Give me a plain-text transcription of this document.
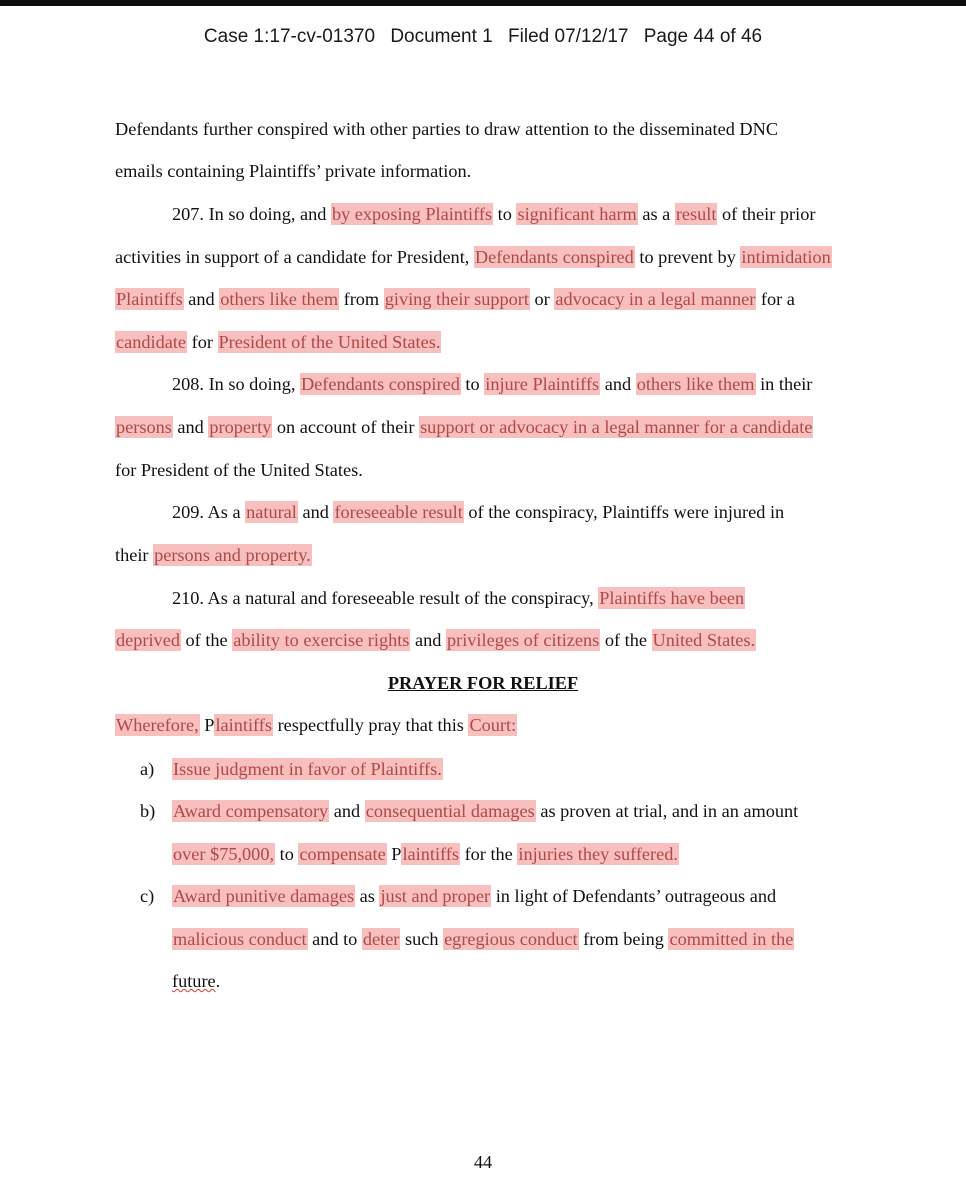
Case 1:17-cv-01370 Document 1 Filed 07/12/17 Page 44 of 46
Defendants further conspired with other parties to draw attention to the disseminated DNC
emails containing Plaintiffs’ private information.
207. In so doing, and by exposing Plaintiffs to significant harm as a result of their prior
activities in support of a candidate for President, Defendants conspired to prevent by intimidation
Plaintiffs and others like them from giving their support or advocacy in a legal manner for a
candidate for President of the United States.
208. In so doing, Defendants conspired to injure Plaintiffs and others like them in their
persons and property on account of their support or advocacy in a legal manner for a candidate
for President of the United States.
209. As a natural and foreseeable result of the conspiracy, Plaintiffs were injured in
their persons and property.
210. As a natural and foreseeable result of the conspiracy, Plaintiffs have been
deprived of the ability to exercise rights and privileges of citizens of the United States.
PRAYER FOR RELIEF
Wherefore, Plaintiffs respectfully pray that this Court:
a) Issue judgment in favor of Plaintiffs.
b) Award compensatory and consequential damages as proven at trial, and in an amount
over $75,000, to compensate Plaintiffs for the injuries they suffered.
c) Award punitive damages as just and proper in light of Defendants’ outrageous and
malicious conduct and to deter such egregious conduct from being committed in the
future.
44
